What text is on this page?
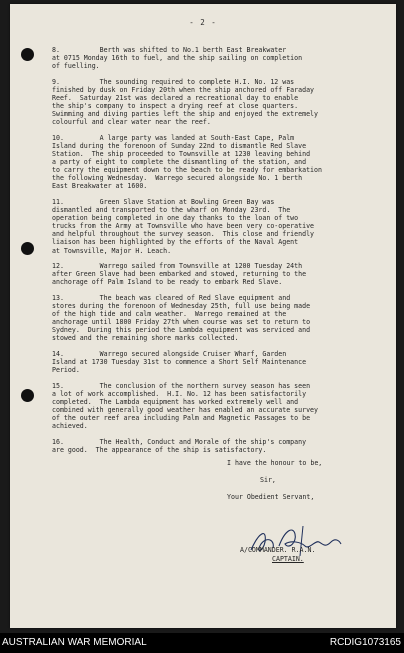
- 2 -

8.          Berth was shifted to No.1 berth East Breakwater
at 0715 Monday 16th to fuel, and the ship sailing on completion
of fuelling.

9.          The sounding required to complete H.I. No. 12 was
finished by dusk on Friday 20th when the ship anchored off Faraday
Reef.  Saturday 21st was declared a recreational day to enable
the ship's company to inspect a drying reef at close quarters.
Swimming and diving parties left the ship and enjoyed the extremely
colourful and clear water near the reef.

10.         A large party was landed at South-East Cape, Palm
Island during the forenoon of Sunday 22nd to dismantle Red Slave
Station.  The ship proceeded to Townsville at 1230 leaving behind
a party of eight to complete the dismantling of the station, and
to carry the equipment down to the beach to be ready for embarkation
the following Wednesday.  Warrego secured alongside No. 1 berth
East Breakwater at 1600.

11.         Green Slave Station at Bowling Green Bay was
dismantled and transported to the wharf on Monday 23rd.  The
operation being completed in one day thanks to the loan of two
trucks from the Army at Townsville who have been very co-operative
and helpful throughout the survey season.  This close and friendly
liaison has been highlighted by the efforts of the Naval Agent
at Townsville, Major H. Leach.

12.         Warrego sailed from Townsville at 1200 Tuesday 24th
after Green Slave had been embarked and stowed, returning to the
anchorage off Palm Island to be ready to embark Red Slave.

13.         The beach was cleared of Red Slave equipment and
stores during the forenoon of Wednesday 25th, full use being made
of the high tide and calm weather.  Warrego remained at the
anchorage until 1800 Friday 27th when course was set to return to
Sydney.  During this period the Lambda equipment was serviced and
stowed and the remaining shore marks collected.

14.         Warrego secured alongside Cruiser Wharf, Garden
Island at 1730 Tuesday 31st to commence a Short Self Maintenance
Period.

15.         The conclusion of the northern survey season has seen
a lot of work accomplished.  H.I. No. 12 has been satisfactorily
completed.  The Lambda equipment has worked extremely well and
combined with generally good weather has enabled an accurate survey
of the outer reef area including Palm and Magnetic Passages to be
achieved.

16.         The Health, Conduct and Morale of the ship's company
are good.  The appearance of the ship is satisfactory.

I have the honour to be,
Sir,
Your Obedient Servant,
A/COMMANDER. R.A.N.
CAPTAIN.
AUSTRALIAN WAR MEMORIAL	RCDIG1073165
